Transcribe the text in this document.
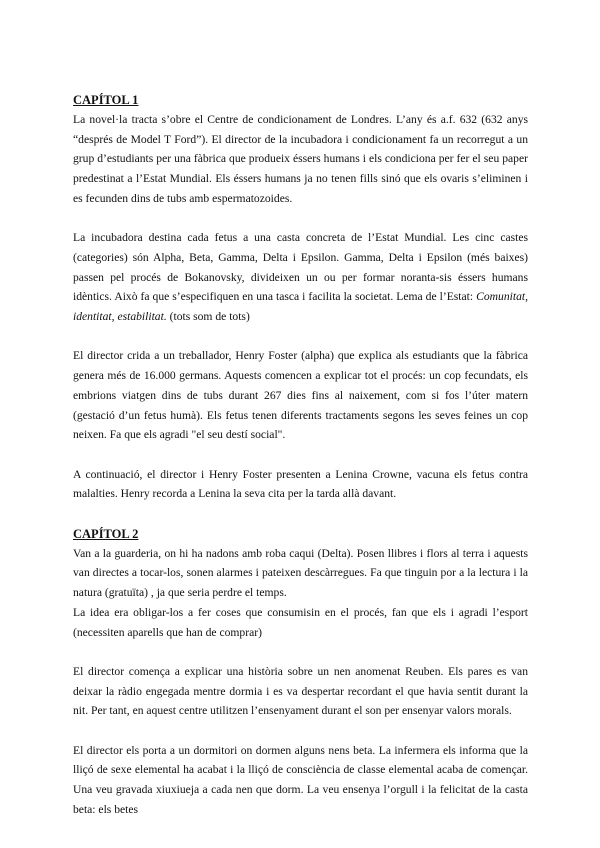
CAPÍTOL 1

La novel·la tracta s’obre el Centre de condicionament de Londres. L’any és a.f. 632 (632 anys “després de Model T Ford”). El director de la incubadora i condicionament fa un recorregut a un grup d’estudiants per una fàbrica que produeix éssers humans i els condiciona per fer el seu paper predestinat a l’Estat Mundial. Els éssers humans ja no tenen fills sinó que els ovaris s’eliminen i es fecunden dins de tubs amb espermatozoides.

La incubadora destina cada fetus a una casta concreta de l’Estat Mundial. Les cinc castes (categories) són Alpha, Beta, Gamma, Delta i Epsilon. Gamma, Delta i Epsilon (més baixes) passen pel procés de Bokanovsky, divideixen un ou per formar noranta-sis éssers humans idèntics. Això fa que s’especifiquen en una tasca i facilita la societat. Lema de l’Estat: Comunitat, identitat, estabilitat. (tots som de tots)

El director crida a un treballador, Henry Foster (alpha) que explica als estudiants que la fàbrica genera més de 16.000 germans. Aquests comencen a explicar tot el procés: un cop fecundats, els embrions viatgen dins de tubs durant 267 dies fins al naixement, com si fos l’úter matern (gestació d’un fetus humà). Els fetus tenen diferents tractaments segons les seves feines un cop neixen. Fa que els agradi "el seu destí social".

A continuació, el director i Henry Foster presenten a Lenina Crowne, vacuna els fetus contra malalties. Henry recorda a Lenina la seva cita per la tarda allà davant.

CAPÍTOL 2

Van a la guarderia, on hi ha nadons amb roba caqui (Delta). Posen llibres i flors al terra i aquests van directes a tocar-los, sonen alarmes i pateixen descàrregues. Fa que tinguin por a la lectura i la natura (gratuïta) , ja que seria perdre el temps.

La idea era obligar-los a fer coses que consumisin en el procés, fan que els i agradi l’esport (necessiten aparells que han de comprar)

El director comença a explicar una història sobre un nen anomenat Reuben. Els pares es van deixar la ràdio engegada mentre dormia i es va despertar recordant el que havia sentit durant la nit. Per tant, en aquest centre utilitzen l’ensenyament durant el son per ensenyar valors morals.

El director els porta a un dormitori on dormen alguns nens beta. La infermera els informa que la lliçó de sexe elemental ha acabat i la lliçó de consciència de classe elemental acaba de començar. Una veu gravada xiuxiueja a cada nen que dorm. La veu ensenya l’orgull i la felicitat de la casta beta: els betes
